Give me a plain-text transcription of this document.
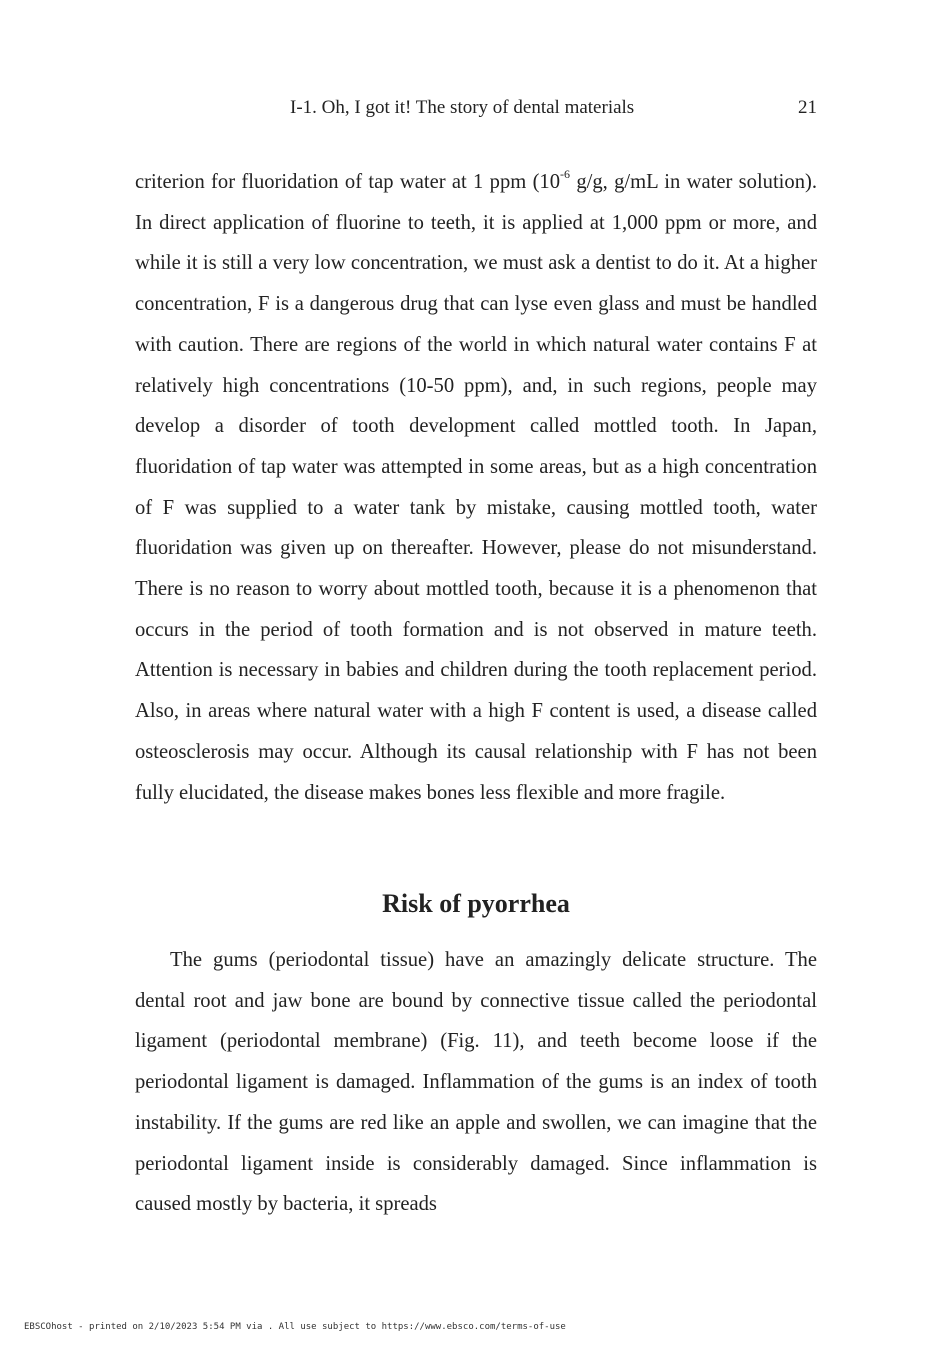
I-1. Oh, I got it! The story of dental materials	21

criterion for fluoridation of tap water at 1 ppm ($10^{-6}$ g/g, g/mL in water solution). In direct application of fluorine to teeth, it is applied at 1,000 ppm or more, and while it is still a very low concentration, we must ask a dentist to do it. At a higher concentration, F is a dangerous drug that can lyse even glass and must be handled with caution. There are regions of the world in which natural water contains F at relatively high concentrations (10-50 ppm), and, in such regions, people may develop a disorder of tooth development called mottled tooth. In Japan, fluoridation of tap water was attempted in some areas, but as a high concentration of F was supplied to a water tank by mistake, causing mottled tooth, water fluoridation was given up on thereafter. However, please do not misunderstand. There is no reason to worry about mottled tooth, because it is a phenomenon that occurs in the period of tooth formation and is not observed in mature teeth. Attention is necessary in babies and children during the tooth replacement period. Also, in areas where natural water with a high F content is used, a disease called osteosclerosis may occur. Although its causal relationship with F has not been fully elucidated, the disease makes bones less flexible and more fragile.

Risk of pyorrhea

The gums (periodontal tissue) have an amazingly delicate structure. The dental root and jaw bone are bound by connective tissue called the periodontal ligament (periodontal membrane) (Fig. 11), and teeth become loose if the periodontal ligament is damaged. Inflammation of the gums is an index of tooth instability. If the gums are red like an apple and swollen, we can imagine that the periodontal ligament inside is considerably damaged. Since inflammation is caused mostly by bacteria, it spreads

EBSCOhost - printed on 2/10/2023 5:54 PM via . All use subject to https://www.ebsco.com/terms-of-use
